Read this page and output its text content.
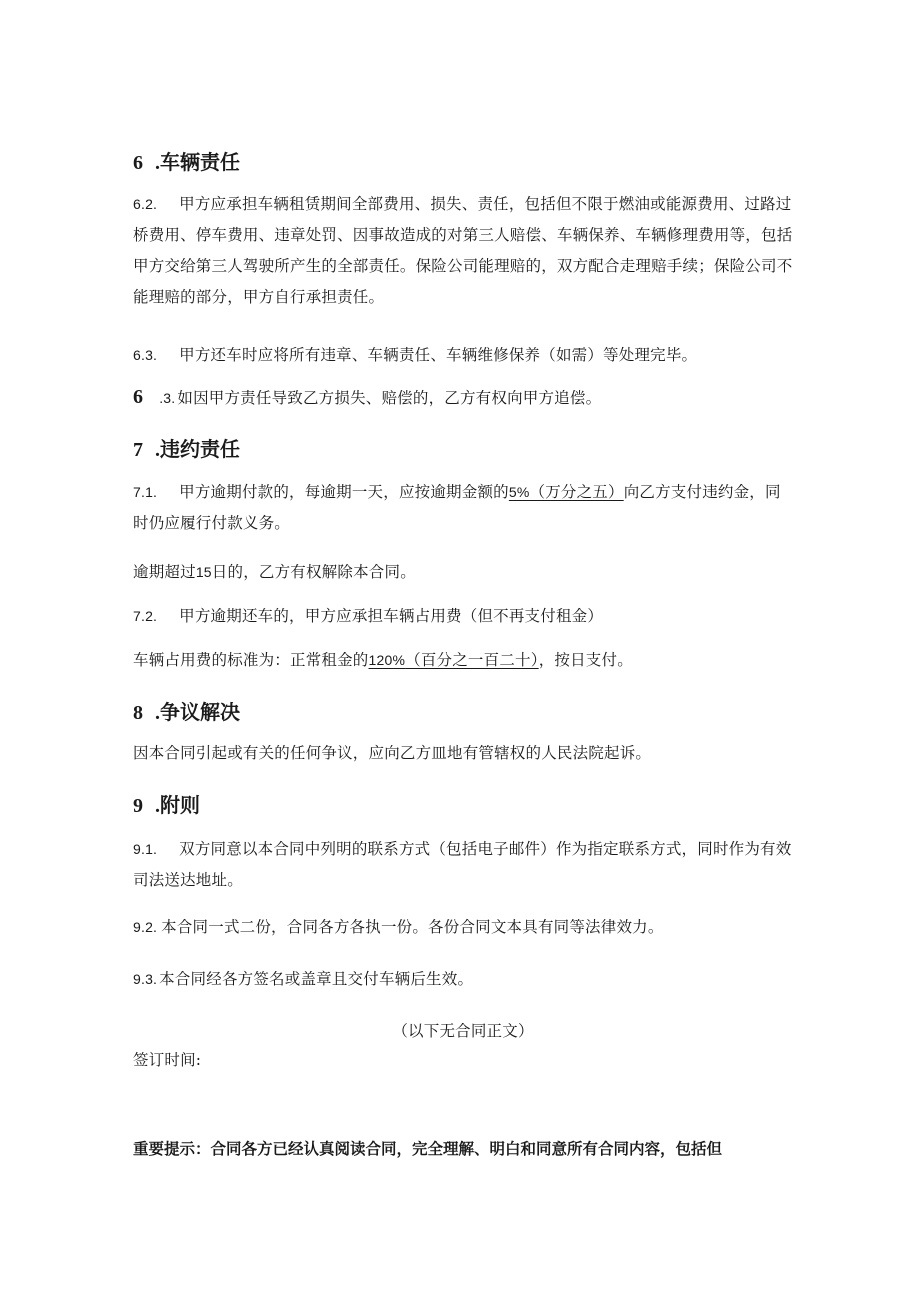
6 .车辆责任
6.2. 甲方应承担车辆租赁期间全部费用、损失、责任，包括但不限于燃油或能源费用、过路过桥费用、停车费用、违章处罚、因事故造成的对第三人赔偿、车辆保养、车辆修理费用等，包括甲方交给第三人驾驶所产生的全部责任。保险公司能理赔的，双方配合走理赔手续；保险公司不能理赔的部分，甲方自行承担责任。
6.3. 甲方还车时应将所有违章、车辆责任、车辆维修保养（如需）等处理完毕。
6 .3. 如因甲方责任导致乙方损失、赔偿的，乙方有权向甲方追偿。
7 .违约责任
7.1. 甲方逾期付款的，每逾期一天，应按逾期金额的5%（万分之五）向乙方支付违约金，同时仍应履行付款义务。
逾期超过15日的，乙方有权解除本合同。
7.2. 甲方逾期还车的，甲方应承担车辆占用费（但不再支付租金）
车辆占用费的标准为：正常租金的120%（百分之一百二十），按日支付。
8 .争议解决
因本合同引起或有关的任何争议，应向乙方皿地有管辖权的人民法院起诉。
9 .附则
9.1. 双方同意以本合同中列明的联系方式（包括电子邮件）作为指定联系方式，同时作为有效司法送达地址。
9.2. 本合同一式二份，合同各方各执一份。各份合同文本具有同等法律效力。
9.3. 本合同经各方签名或盖章且交付车辆后生效。
（以下无合同正文）
签订时间:
重要提示：合同各方已经认真阅读合同，完全理解、明白和同意所有合同内容，包括但
